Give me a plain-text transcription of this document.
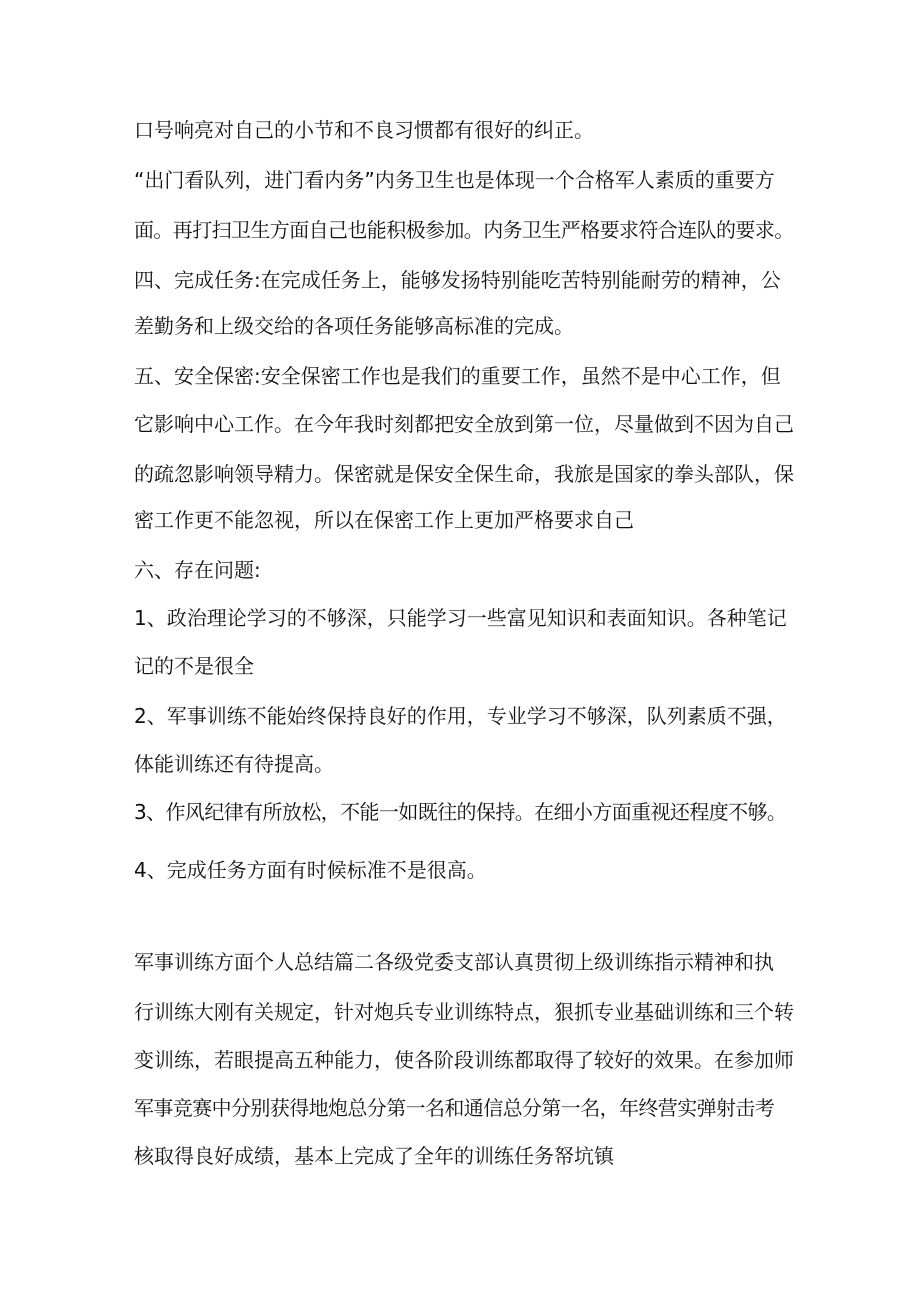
口号响亮对自己的小节和不良习惯都有很好的纠正。
“出门看队列，进门看内务”内务卫生也是体现一个合格军人素质的重要方
面。再打扫卫生方面自己也能积极参加。内务卫生严格要求符合连队的要求。
四、完成任务:在完成任务上，能够发扬特别能吃苦特别能耐劳的精神，公
差勤务和上级交给的各项任务能够高标准的完成。
五、安全保密:安全保密工作也是我们的重要工作，虽然不是中心工作，但
它影响中心工作。在今年我时刻都把安全放到第一位，尽量做到不因为自己
的疏忽影响领导精力。保密就是保安全保生命，我旅是国家的拳头部队，保
密工作更不能忽视，所以在保密工作上更加严格要求自己
六、存在问题:
1、政治理论学习的不够深，只能学习一些富见知识和表面知识。各种笔记
记的不是很全
2、军事训练不能始终保持良好的作用，专业学习不够深，队列素质不强，
体能训练还有待提高。
3、作风纪律有所放松，不能一如既往的保持。在细小方面重视还程度不够。
4、完成任务方面有时候标准不是很高。
军事训练方面个人总结篇二各级党委支部认真贯彻上级训练指示精神和执
行训练大刚有关规定，针对炮兵专业训练特点，狠抓专业基础训练和三个转
变训练，若眼提高五种能力，使各阶段训练都取得了较好的效果。在参加师
军事竞赛中分别获得地炮总分第一名和通信总分第一名，年终营实弹射击考
核取得良好成绩，基本上完成了全年的训练任务帑坑镇
